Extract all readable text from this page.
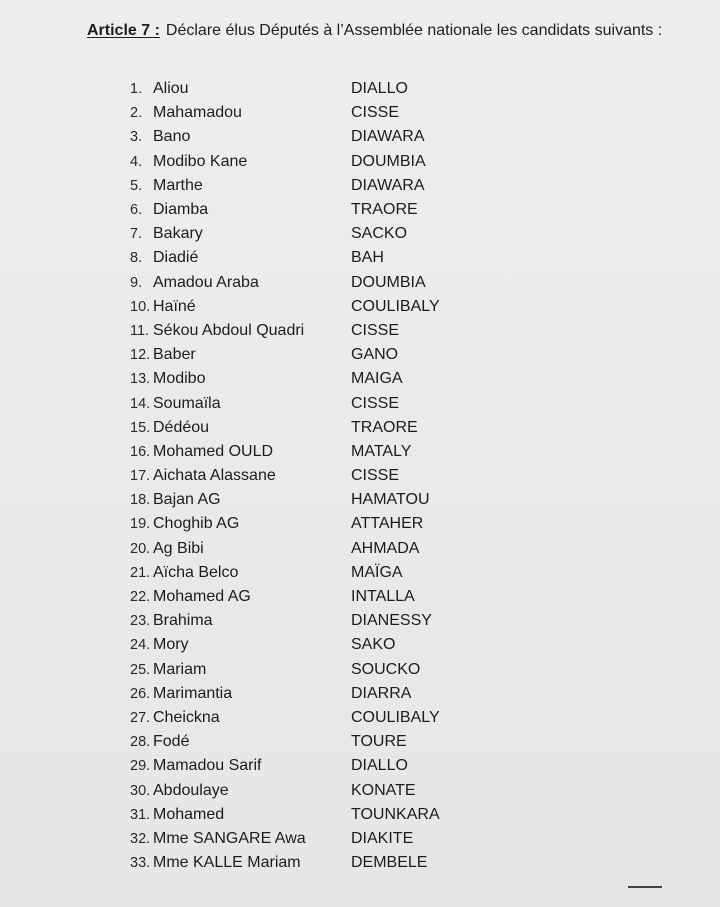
Article 7 : Déclare élus Députés à l’Assemblée nationale les candidats suivants :
1. Aliou	DIALLO
2. Mahamadou	CISSE
3. Bano	DIAWARA
4. Modibo Kane	DOUMBIA
5. Marthe	DIAWARA
6. Diamba	TRAORE
7. Bakary	SACKO
8. Diadié	BAH
9. Amadou Araba	DOUMBIA
10. Haïné	COULIBALY
11. Sékou Abdoul Quadri	CISSE
12. Baber	GANO
13. Modibo	MAIGA
14. Soumaïla	CISSE
15. Dédéou	TRAORE
16. Mohamed OULD	MATALY
17. Aichata Alassane	CISSE
18. Bajan AG	HAMATOU
19. Choghib AG	ATTAHER
20. Ag Bibi	AHMADA
21. Aïcha Belco	MAÏGA
22. Mohamed AG	INTALLA
23. Brahima	DIANESSY
24. Mory	SAKO
25. Mariam	SOUCKO
26. Marimantia	DIARRA
27. Cheickna	COULIBALY
28. Fodé	TOURE
29. Mamadou Sarif	DIALLO
30. Abdoulaye	KONATE
31. Mohamed	TOUNKARA
32. Mme SANGARE Awa	DIAKITE
33. Mme KALLE Mariam	DEMBELE
